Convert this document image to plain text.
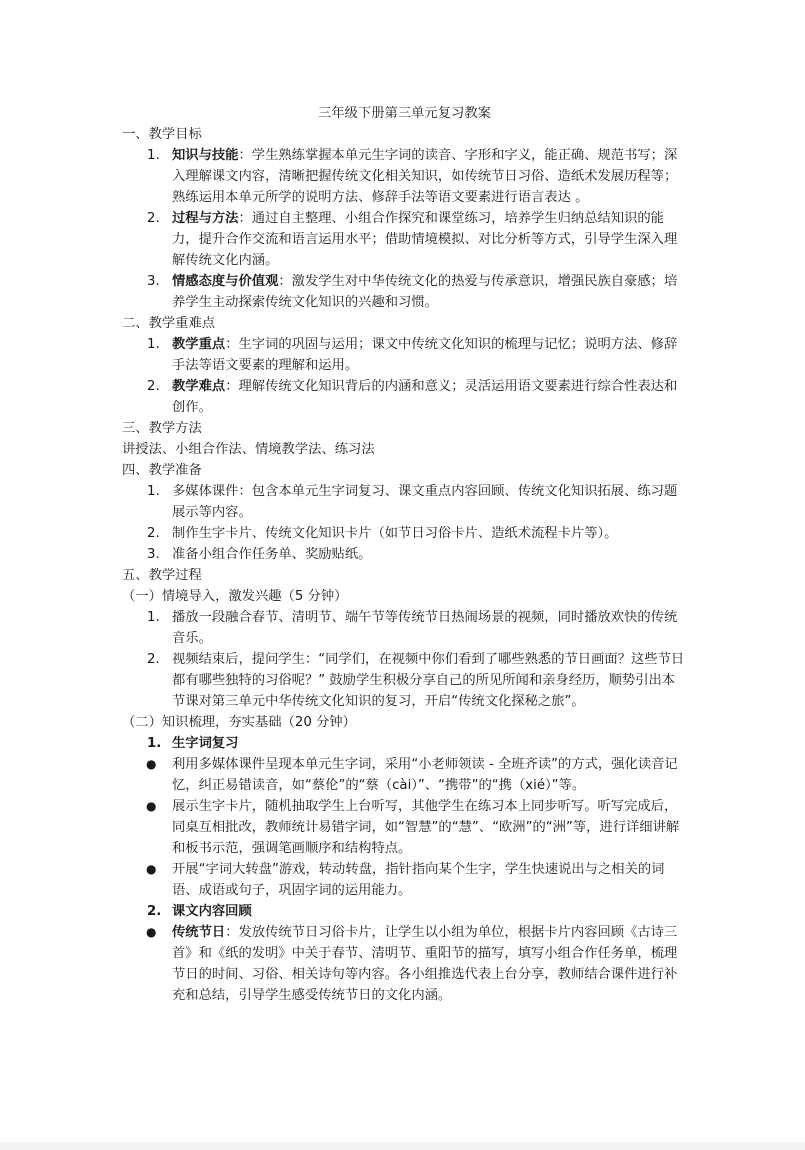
三年级下册第三单元复习教案

一、教学目标

1. 知识与技能：学生熟练掌握本单元生字词的读音、字形和字义，能正确、规范书写；深入理解课文内容，清晰把握传统文化相关知识，如传统节日习俗、造纸术发展历程等；熟练运用本单元所学的说明方法、修辞手法等语文要素进行语言表达 。
2. 过程与方法：通过自主整理、小组合作探究和课堂练习，培养学生归纳总结知识的能力，提升合作交流和语言运用水平；借助情境模拟、对比分析等方式，引导学生深入理解传统文化内涵。
3. 情感态度与价值观：激发学生对中华传统文化的热爱与传承意识，增强民族自豪感；培养学生主动探索传统文化知识的兴趣和习惯。

二、教学重难点

1. 教学重点：生字词的巩固与运用；课文中传统文化知识的梳理与记忆；说明方法、修辞手法等语文要素的理解和运用。
2. 教学难点：理解传统文化知识背后的内涵和意义；灵活运用语文要素进行综合性表达和创作。

三、教学方法

讲授法、小组合作法、情境教学法、练习法

四、教学准备

1. 多媒体课件：包含本单元生字词复习、课文重点内容回顾、传统文化知识拓展、练习题展示等内容。
2. 制作生字卡片、传统文化知识卡片（如节日习俗卡片、造纸术流程卡片等）。
3. 准备小组合作任务单、奖励贴纸。

五、教学过程

（一）情境导入，激发兴趣（5 分钟）

1. 播放一段融合春节、清明节、端午节等传统节日热闹场景的视频，同时播放欢快的传统音乐。
2. 视频结束后，提问学生：“同学们，在视频中你们看到了哪些熟悉的节日画面？这些节日都有哪些独特的习俗呢？” 鼓励学生积极分享自己的所见所闻和亲身经历，顺势引出本节课对第三单元中华传统文化知识的复习，开启“传统文化探秘之旅”。

（二）知识梳理，夯实基础（20 分钟）

1. 生字词复习

● 利用多媒体课件呈现本单元生字词，采用“小老师领读 - 全班齐读”的方式，强化读音记忆，纠正易错读音，如“蔡伦”的“蔡（cài）”、“携带”的“携（xié）”等。
● 展示生字卡片，随机抽取学生上台听写，其他学生在练习本上同步听写。听写完成后，同桌互相批改，教师统计易错字词，如“智慧”的“慧”、“欧洲”的“洲”等，进行详细讲解和板书示范，强调笔画顺序和结构特点。
● 开展“字词大转盘”游戏，转动转盘，指针指向某个生字，学生快速说出与之相关的词语、成语或句子，巩固字词的运用能力。

2. 课文内容回顾

● 传统节日：发放传统节日习俗卡片，让学生以小组为单位，根据卡片内容回顾《古诗三首》和《纸的发明》中关于春节、清明节、重阳节的描写，填写小组合作任务单，梳理节日的时间、习俗、相关诗句等内容。各小组推选代表上台分享，教师结合课件进行补充和总结，引导学生感受传统节日的文化内涵。
